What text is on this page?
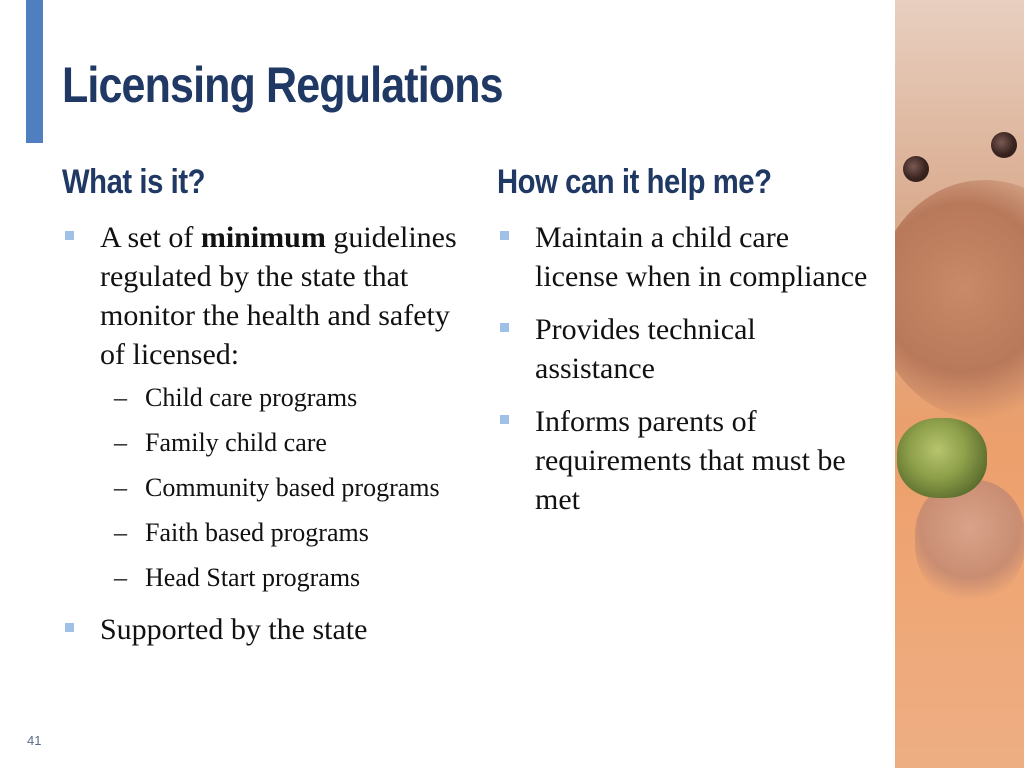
Licensing Regulations
What is it?
A set of minimum guidelines regulated by the state that monitor the health and safety of licensed:
– Child care programs
– Family child care
– Community based programs
– Faith based programs
– Head Start programs
Supported by the state
How can it help me?
Maintain a child care license when in compliance
Provides technical assistance
Informs parents of requirements that must be met
41
